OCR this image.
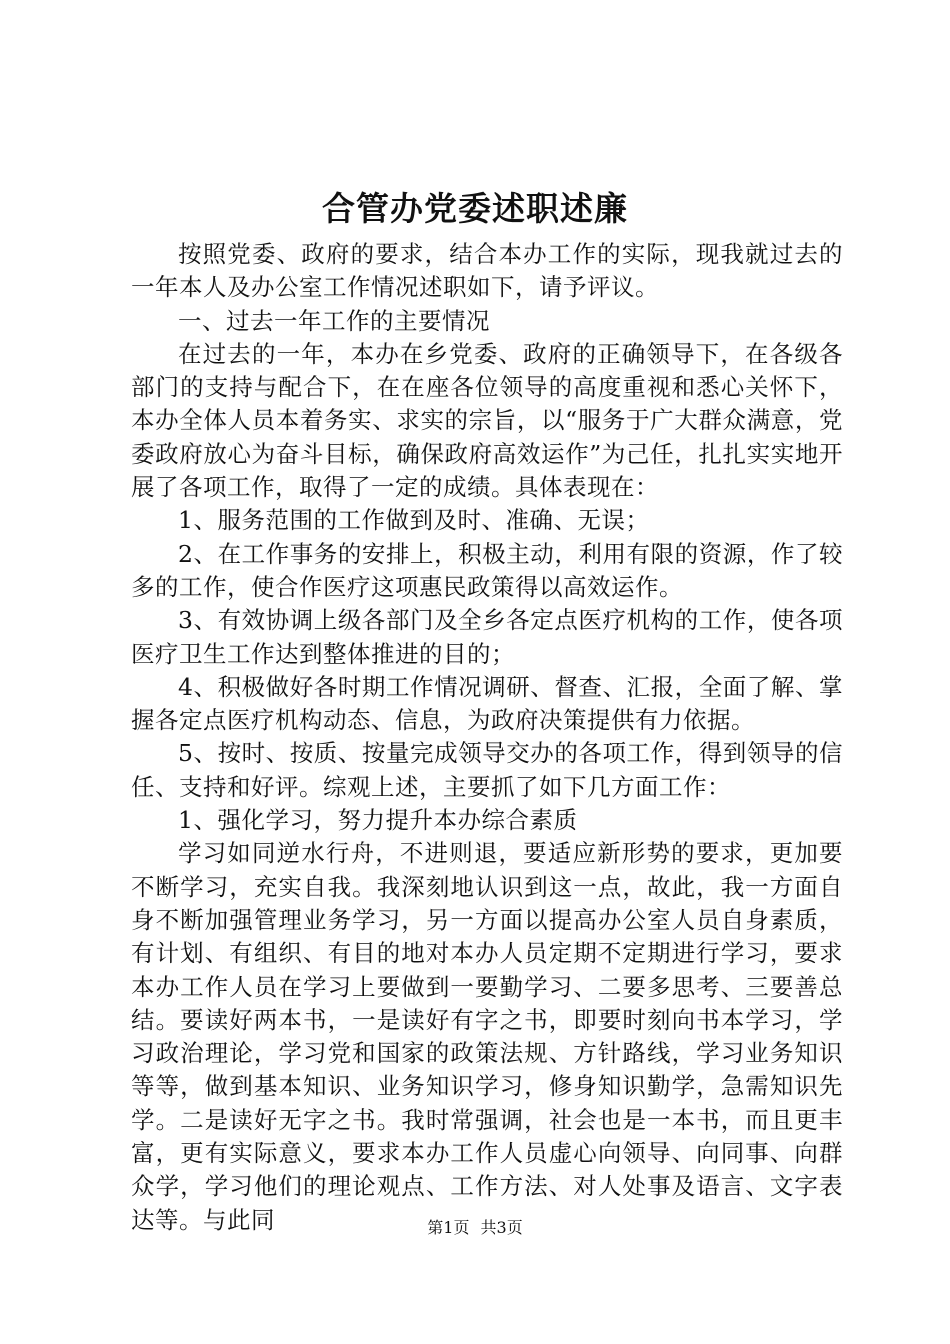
合管办党委述职述廉

按照党委、政府的要求，结合本办工作的实际，现我就过去的一年本人及办公室工作情况述职如下，请予评议。

一、过去一年工作的主要情况

在过去的一年，本办在乡党委、政府的正确领导下，在各级各部门的支持与配合下，在在座各位领导的高度重视和悉心关怀下，本办全体人员本着务实、求实的宗旨，以“服务于广大群众满意，党委政府放心为奋斗目标，确保政府高效运作”为己任，扎扎实实地开展了各项工作，取得了一定的成绩。具体表现在：

1、服务范围的工作做到及时、准确、无误；

2、在工作事务的安排上，积极主动，利用有限的资源，作了较多的工作，使合作医疗这项惠民政策得以高效运作。

3、有效协调上级各部门及全乡各定点医疗机构的工作，使各项医疗卫生工作达到整体推进的目的；

4、积极做好各时期工作情况调研、督查、汇报，全面了解、掌握各定点医疗机构动态、信息，为政府决策提供有力依据。

5、按时、按质、按量完成领导交办的各项工作，得到领导的信任、支持和好评。综观上述，主要抓了如下几方面工作：

1、强化学习，努力提升本办综合素质

学习如同逆水行舟，不进则退，要适应新形势的要求，更加要不断学习，充实自我。我深刻地认识到这一点，故此，我一方面自身不断加强管理业务学习，另一方面以提高办公室人员自身素质，有计划、有组织、有目的地对本办人员定期不定期进行学习，要求本办工作人员在学习上要做到一要勤学习、二要多思考、三要善总结。要读好两本书，一是读好有字之书，即要时刻向书本学习，学习政治理论，学习党和国家的政策法规、方针路线，学习业务知识等等，做到基本知识、业务知识学习，修身知识勤学，急需知识先学。二是读好无字之书。我时常强调，社会也是一本书，而且更丰富，更有实际意义，要求本办工作人员虚心向领导、向同事、向群众学，学习他们的理论观点、工作方法、对人处事及语言、文字表达等。与此同	第1页 共3页
